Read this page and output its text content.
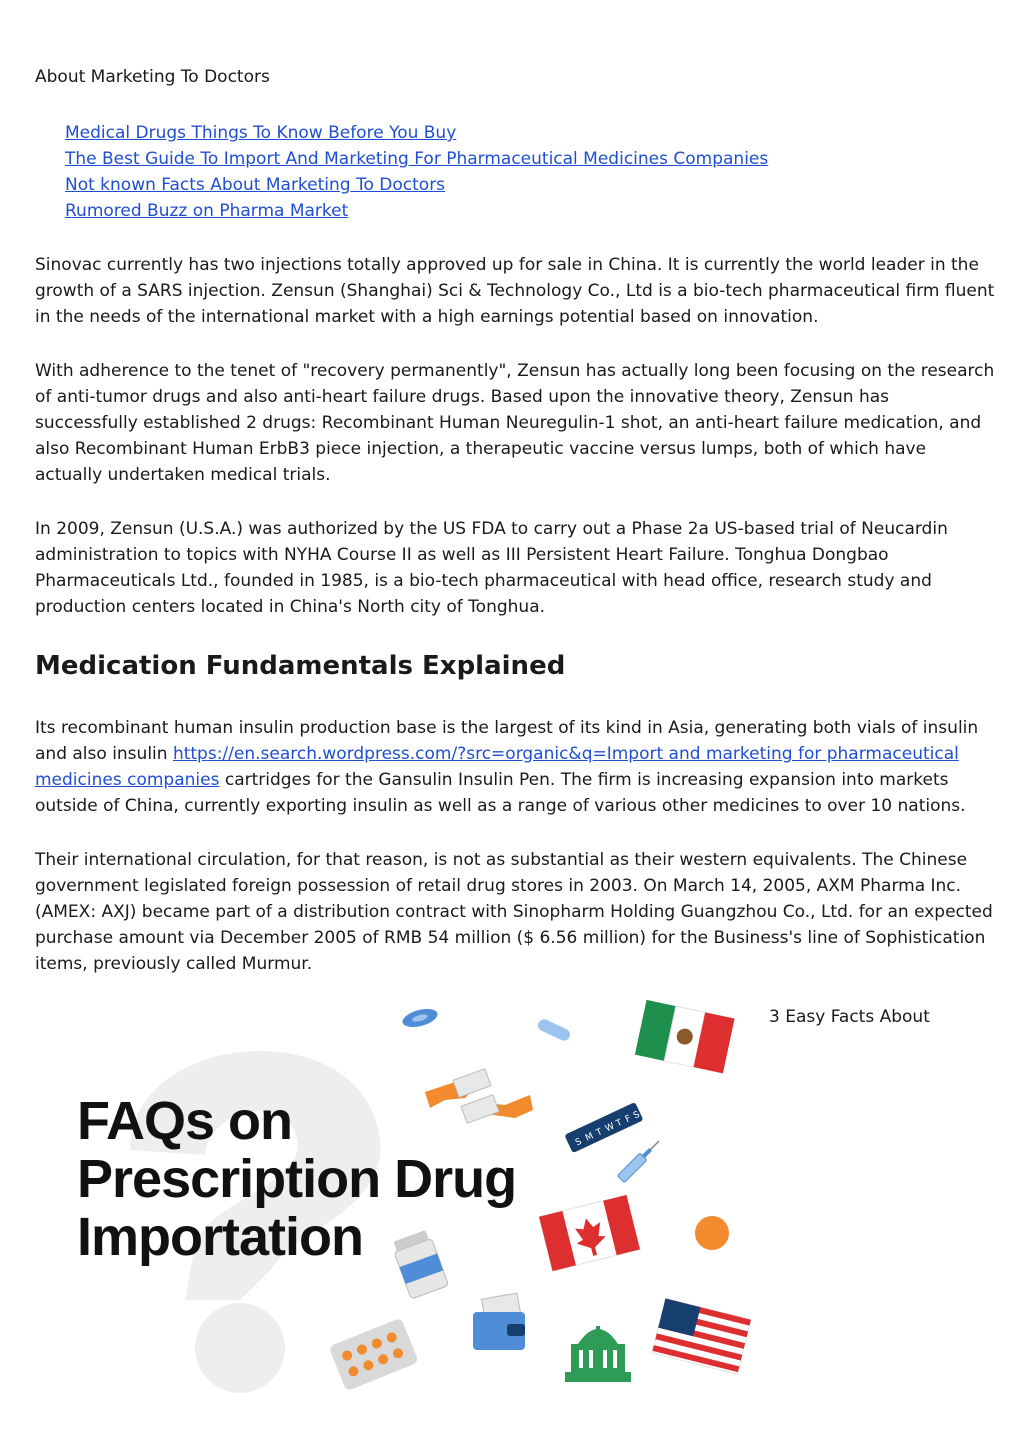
About Marketing To Doctors
Medical Drugs Things To Know Before You Buy
The Best Guide To Import And Marketing For Pharmaceutical Medicines Companies
Not known Facts About Marketing To Doctors
Rumored Buzz on Pharma Market

Sinovac currently has two injections totally approved up for sale in China. It is currently the world leader in the growth of a SARS injection. Zensun (Shanghai) Sci & Technology Co., Ltd is a bio-tech pharmaceutical firm fluent in the needs of the international market with a high earnings potential based on innovation.

With adherence to the tenet of "recovery permanently", Zensun has actually long been focusing on the research of anti-tumor drugs and also anti-heart failure drugs. Based upon the innovative theory, Zensun has successfully established 2 drugs: Recombinant Human Neuregulin-1 shot, an anti-heart failure medication, and also Recombinant Human ErbB3 piece injection, a therapeutic vaccine versus lumps, both of which have actually undertaken medical trials.

In 2009, Zensun (U.S.A.) was authorized by the US FDA to carry out a Phase 2a US-based trial of Neucardin administration to topics with NYHA Course II as well as III Persistent Heart Failure. Tonghua Dongbao Pharmaceuticals Ltd., founded in 1985, is a bio-tech pharmaceutical with head office, research study and production centers located in China's North city of Tonghua.

Medication Fundamentals Explained

Its recombinant human insulin production base is the largest of its kind in Asia, generating both vials of insulin and also insulin https://en.search.wordpress.com/?src=organic&q=Import and marketing for pharmaceutical medicines companies cartridges for the Gansulin Insulin Pen. The firm is increasing expansion into markets outside of China, currently exporting insulin as well as a range of various other medicines to over 10 nations.

Their international circulation, for that reason, is not as substantial as their western equivalents. The Chinese government legislated foreign possession of retail drug stores in 2003. On March 14, 2005, AXM Pharma Inc. (AMEX: AXJ) became part of a distribution contract with Sinopharm Holding Guangzhou Co., Ltd. for an expected purchase amount via December 2005 of RMB 54 million ($ 6.56 million) for the Business's line of Sophistication items, previously called Murmur.

3 Easy Facts About
S M T W
T F S
FAQs on
Prescription Drug
Importation
